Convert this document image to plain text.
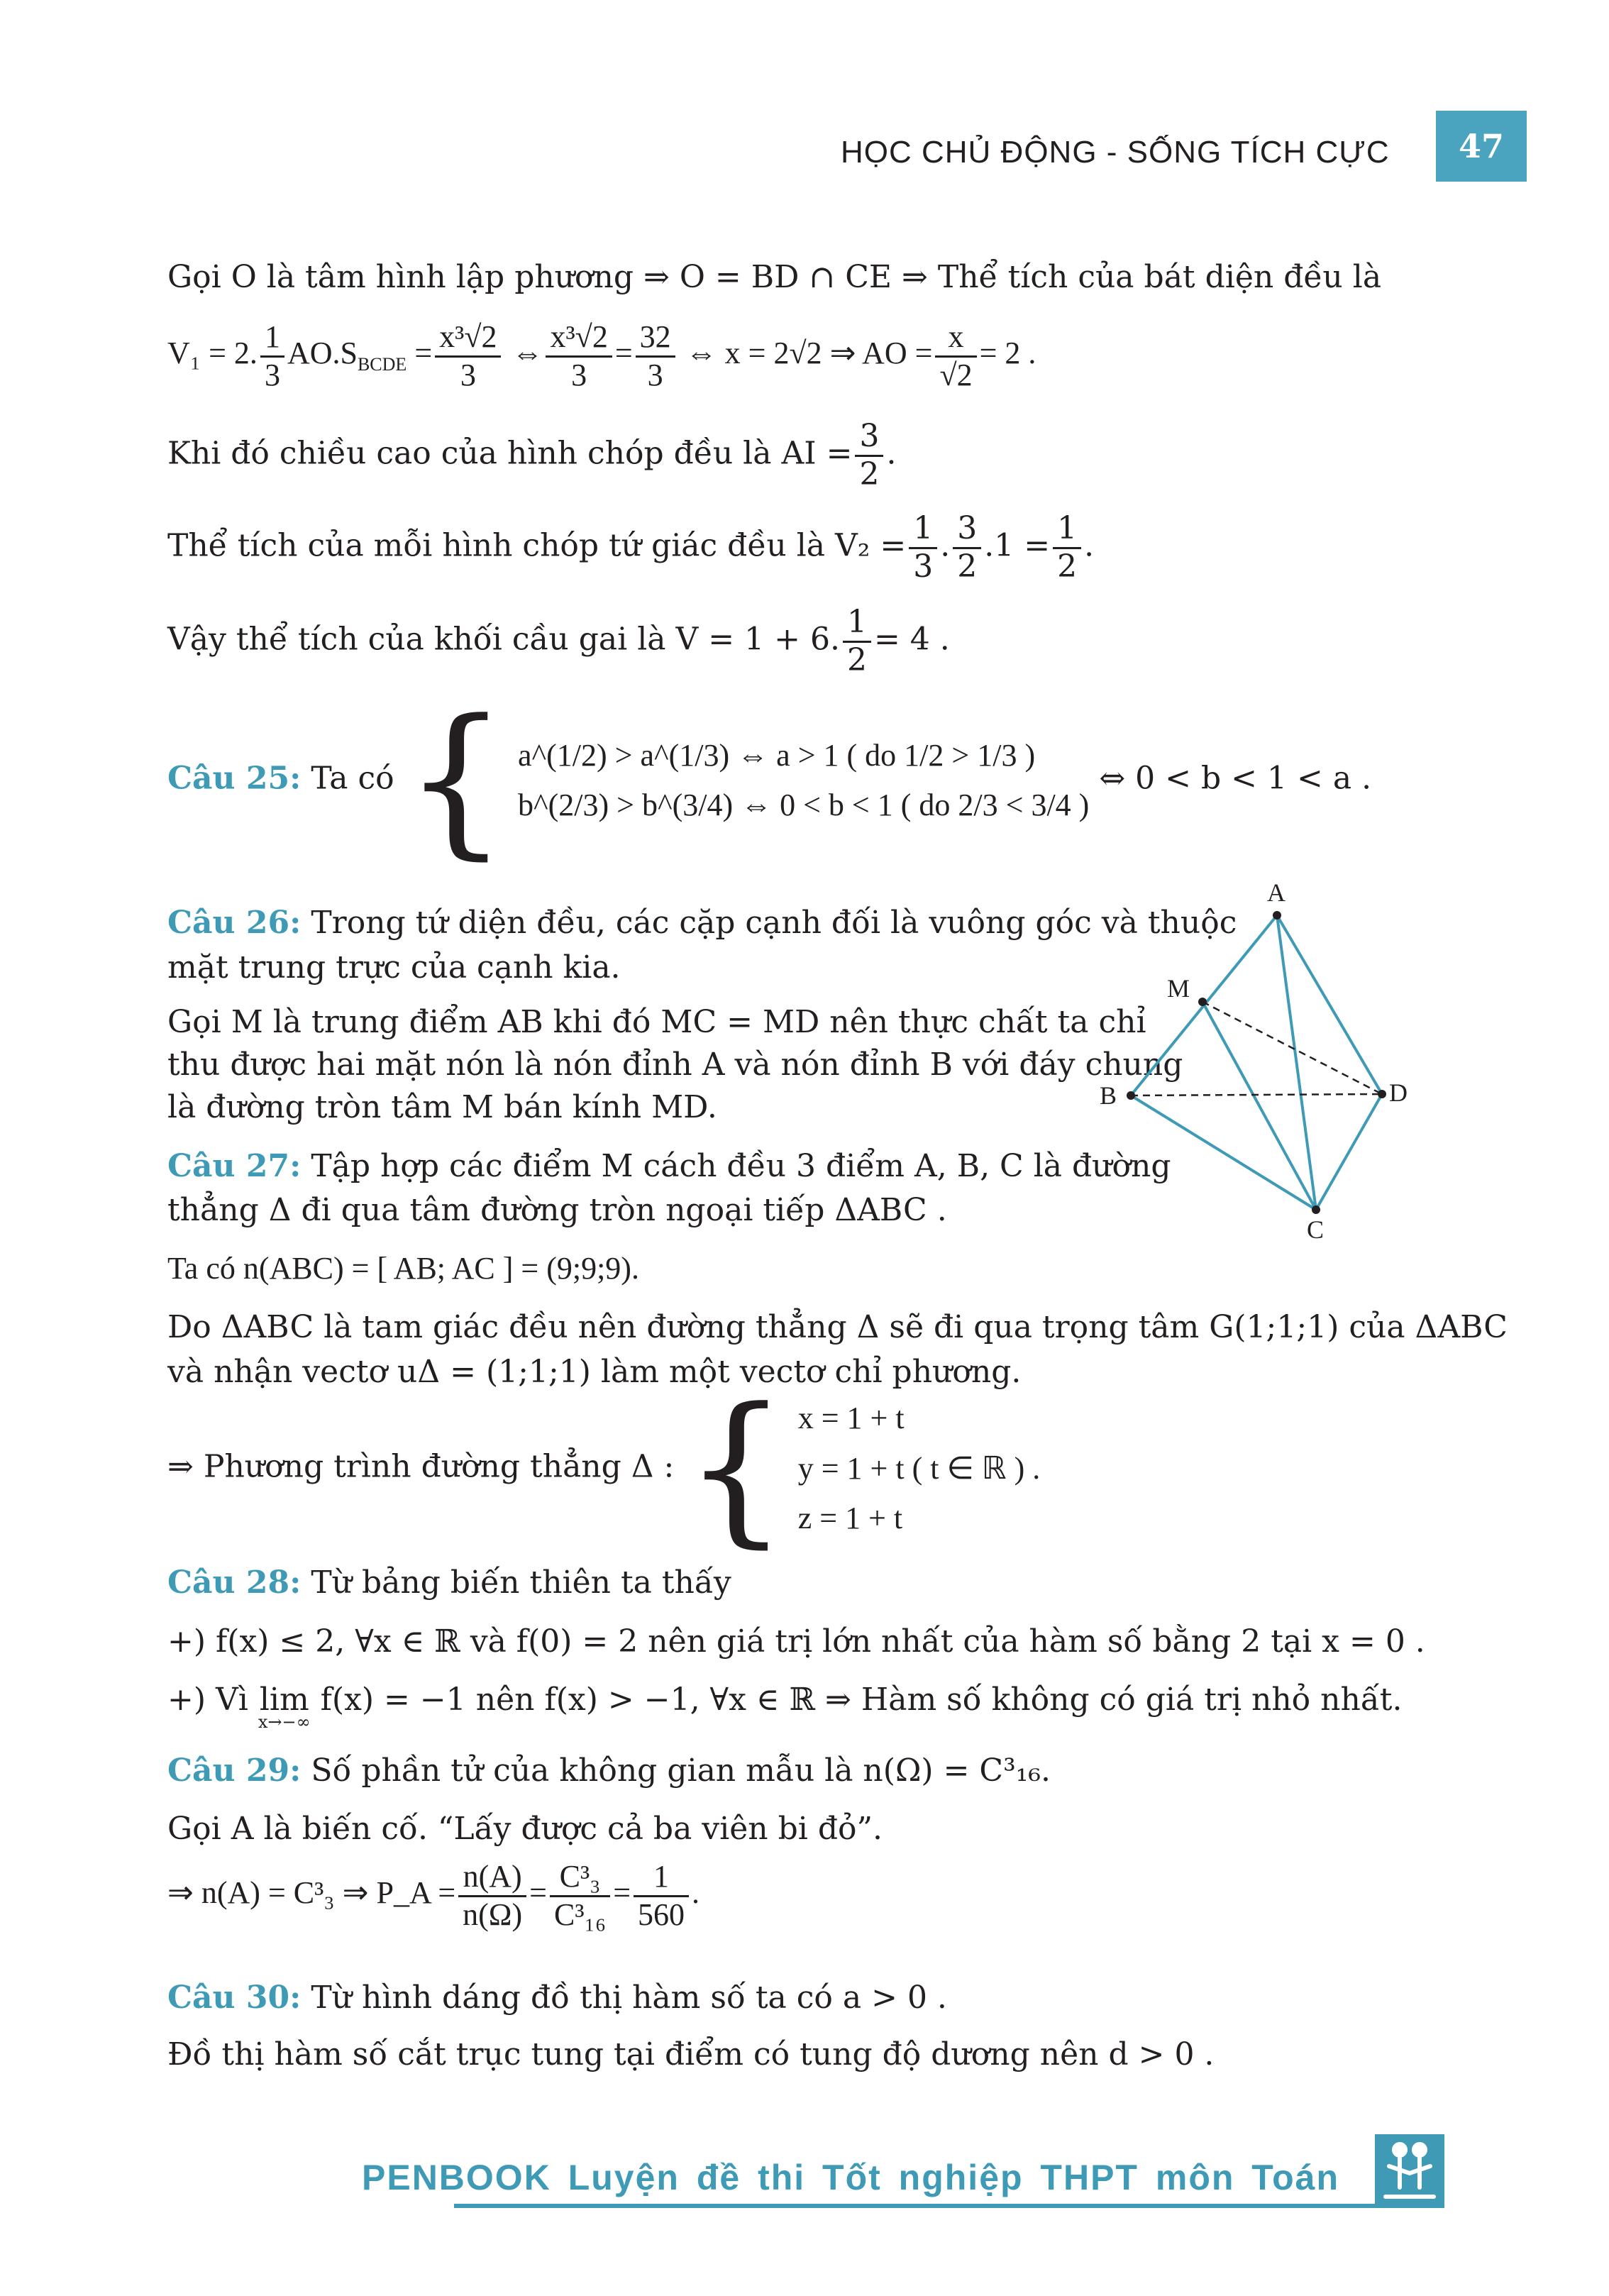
HỌC CHỦ ĐỘNG - SỐNG TÍCH CỰC	47
Gọi O là tâm hình lập phương ⇒ O = BD ∩ CE ⇒ Thể tích của bát diện đều là
V₁ = 2. $\frac{1}{3} AO.S_{BCDE} = \frac{\text{x³√2}}{3}$ ⇔ $\frac{\text{x³√2}}{3} = \frac{32}{3}$ ⇔ x = 2√2 ⇒ AO = $\frac{x}{√2} = 2$ .
Khi đó chiều cao của hình chóp đều là AI = $\frac{3}{2}$ .
Thể tích của mỗi hình chóp tứ giác đều là $V_2 = \frac{1}{3}$ . $\frac{3}{2} .1 = \frac{1}{2}$ .
Vậy thể tích của khối cầu gai là V = 1 + 6. $\frac{1}{2} = 4$ .
Câu 25: Ta có { a^(1/2) > a^(1/3) ⇔ a > 1 ( do 1/2 > 1/3 )
b^(2/3) > b^(3/4) ⇔ 0 < b < 1 ( do 2/3 < 3/4 )
⇔ 0 < b < 1 < a .
Câu 26: Trong tứ diện đều, các cặp cạnh đối là vuông góc và thuộc
mặt trung trực của cạnh kia.
Gọi M là trung điểm AB khi đó MC = MD nên thực chất ta chỉ
thu được hai mặt nón là nón đỉnh A và nón đỉnh B với đáy chung
là đường tròn tâm M bán kính MD.
Câu 27: Tập hợp các điểm M cách đều 3 điểm A, B, C là đường
thẳng Δ đi qua tâm đường tròn ngoại tiếp ΔABC .
Ta có n(ABC) = [ AB; AC ] = (9;9;9).
Do ΔABC là tam giác đều nên đường thẳng Δ sẽ đi qua trọng tâm G(1;1;1) của ΔABC
và nhận vectơ uΔ = (1;1;1) làm một vectơ chỉ phương.
⇒ Phương trình đường thẳng Δ : { x = 1 + t
y = 1 + t ( t ∈ ℝ ) .
z = 1 + t
Câu 28: Từ bảng biến thiên ta thấy
+) f(x) ≤ 2, ∀x ∈ ℝ và f(0) = 2 nên giá trị lớn nhất của hàm số bằng 2 tại x = 0 .
+) Vì lim

x→−∞
f(x) = −1 nên f(x) > −1, ∀x ∈ ℝ ⇒ Hàm số không có giá trị nhỏ nhất.
Câu 29: Số phần tử của không gian mẫu là n(Ω) = C³₁₆.
Gọi A là biến cố. “Lấy được cả ba viên bi đỏ”.
⇒ n(A) = C³₃ ⇒ P_A = $\frac{n(A)}{n(\Omega)} = \frac{\text{C³₃}}{\text{C³₁₆}} = \frac{1}{560}$ .
Câu 30: Từ hình dáng đồ thị hàm số ta có a > 0 .
Đồ thị hàm số cắt trục tung tại điểm có tung độ dương nên d > 0 .
A
B	D
C
M
PENBOOK Luyện đề thi Tốt nghiệp THPT môn Toán
